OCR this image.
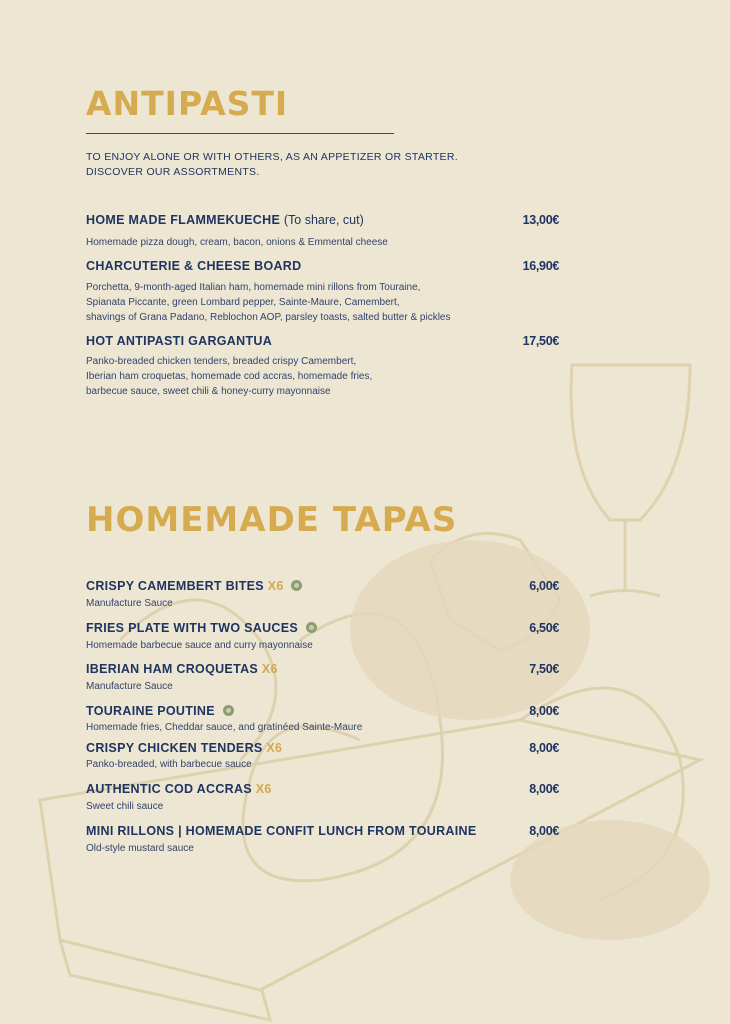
ANTIPASTI
TO ENJOY ALONE OR WITH OTHERS, AS AN APPETIZER OR STARTER.
DISCOVER OUR ASSORTMENTS.
HOME MADE FLAMMEKUECHE (To share, cut)	13,00€
Homemade pizza dough, cream, bacon, onions & Emmental cheese
CHARCUTERIE & CHEESE BOARD	16,90€
Porchetta, 9-month-aged Italian ham, homemade mini rillons from Touraine,
Spianata Piccante, green Lombard pepper, Sainte-Maure, Camembert,
shavings of Grana Padano, Reblochon AOP, parsley toasts, salted butter & pickles
HOT ANTIPASTI GARGANTUA	17,50€
Panko-breaded chicken tenders, breaded crispy Camembert,
Iberian ham croquetas, homemade cod accras, homemade fries,
barbecue sauce, sweet chili & honey-curry mayonnaise
HOMEMADE TAPAS
CRISPY CAMEMBERT BITES X6	6,00€
Manufacture Sauce
FRIES PLATE WITH TWO SAUCES	6,50€
Homemade barbecue sauce and curry mayonnaise
IBERIAN HAM CROQUETAS X6	7,50€
Manufacture Sauce
TOURAINE POUTINE	8,00€
Homemade fries, Cheddar sauce, and gratinéed Sainte-Maure
CRISPY CHICKEN TENDERS X6	8,00€
Panko-breaded, with barbecue sauce
AUTHENTIC COD ACCRAS X6	8,00€
Sweet chili sauce
MINI RILLONS | HOMEMADE CONFIT LUNCH FROM TOURAINE	8,00€
Old-style mustard sauce
